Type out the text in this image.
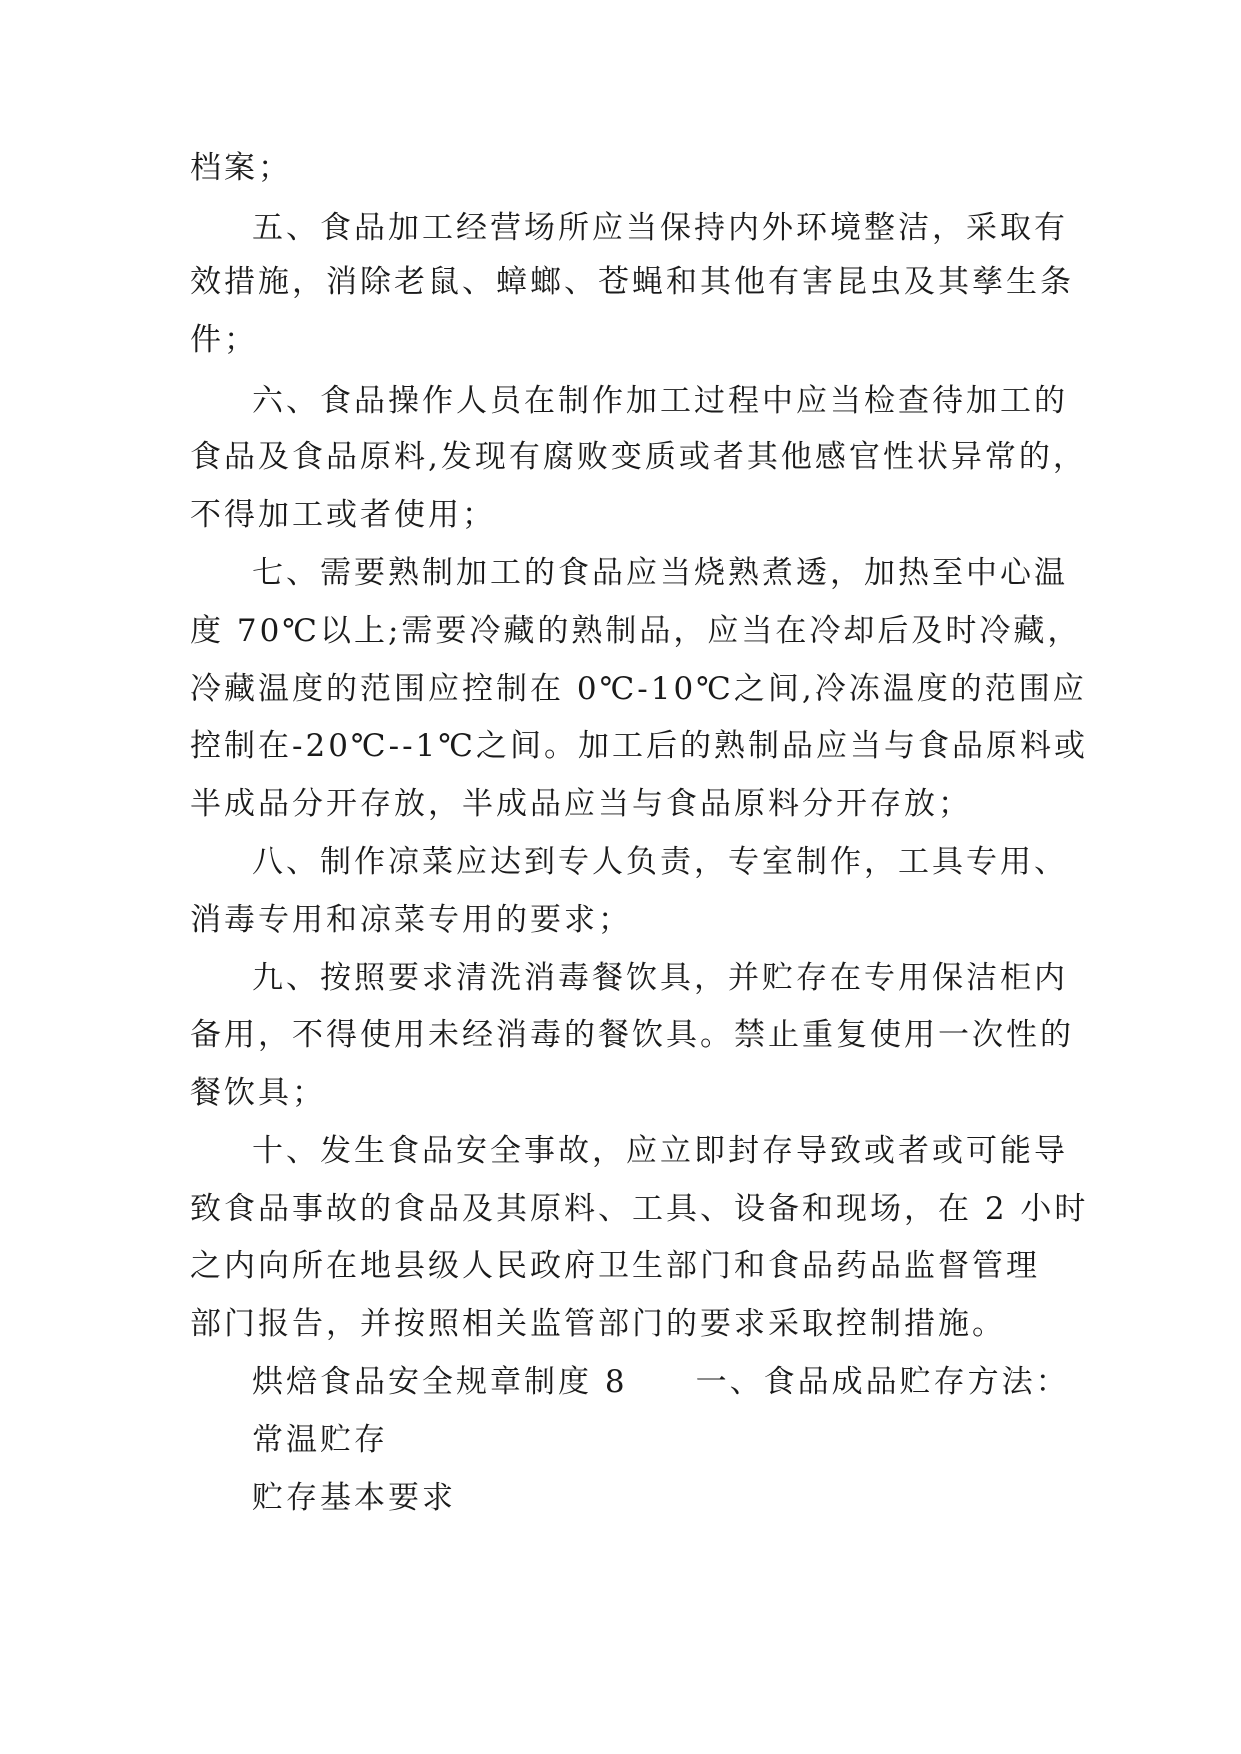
档案；
五、食品加工经营场所应当保持内外环境整洁，采取有
效措施，消除老鼠、蟑螂、苍蝇和其他有害昆虫及其孳生条
件；
六、食品操作人员在制作加工过程中应当检查待加工的
食品及食品原料,发现有腐败变质或者其他感官性状异常的，
不得加工或者使用；
七、需要熟制加工的食品应当烧熟煮透，加热至中心温
度 70℃以上;需要冷藏的熟制品，应当在冷却后及时冷藏，
冷藏温度的范围应控制在 0℃-10℃之间,冷冻温度的范围应
控制在-20℃--1℃之间。加工后的熟制品应当与食品原料或
半成品分开存放，半成品应当与食品原料分开存放；
八、制作凉菜应达到专人负责，专室制作，工具专用、
消毒专用和凉菜专用的要求；
九、按照要求清洗消毒餐饮具，并贮存在专用保洁柜内
备用，不得使用未经消毒的餐饮具。禁止重复使用一次性的
餐饮具；
十、发生食品安全事故，应立即封存导致或者或可能导
致食品事故的食品及其原料、工具、设备和现场，在 2 小时
之内向所在地县级人民政府卫生部门和食品药品监督管理
部门报告，并按照相关监管部门的要求采取控制措施。
烘焙食品安全规章制度 8　　一、食品成品贮存方法：
常温贮存
贮存基本要求
